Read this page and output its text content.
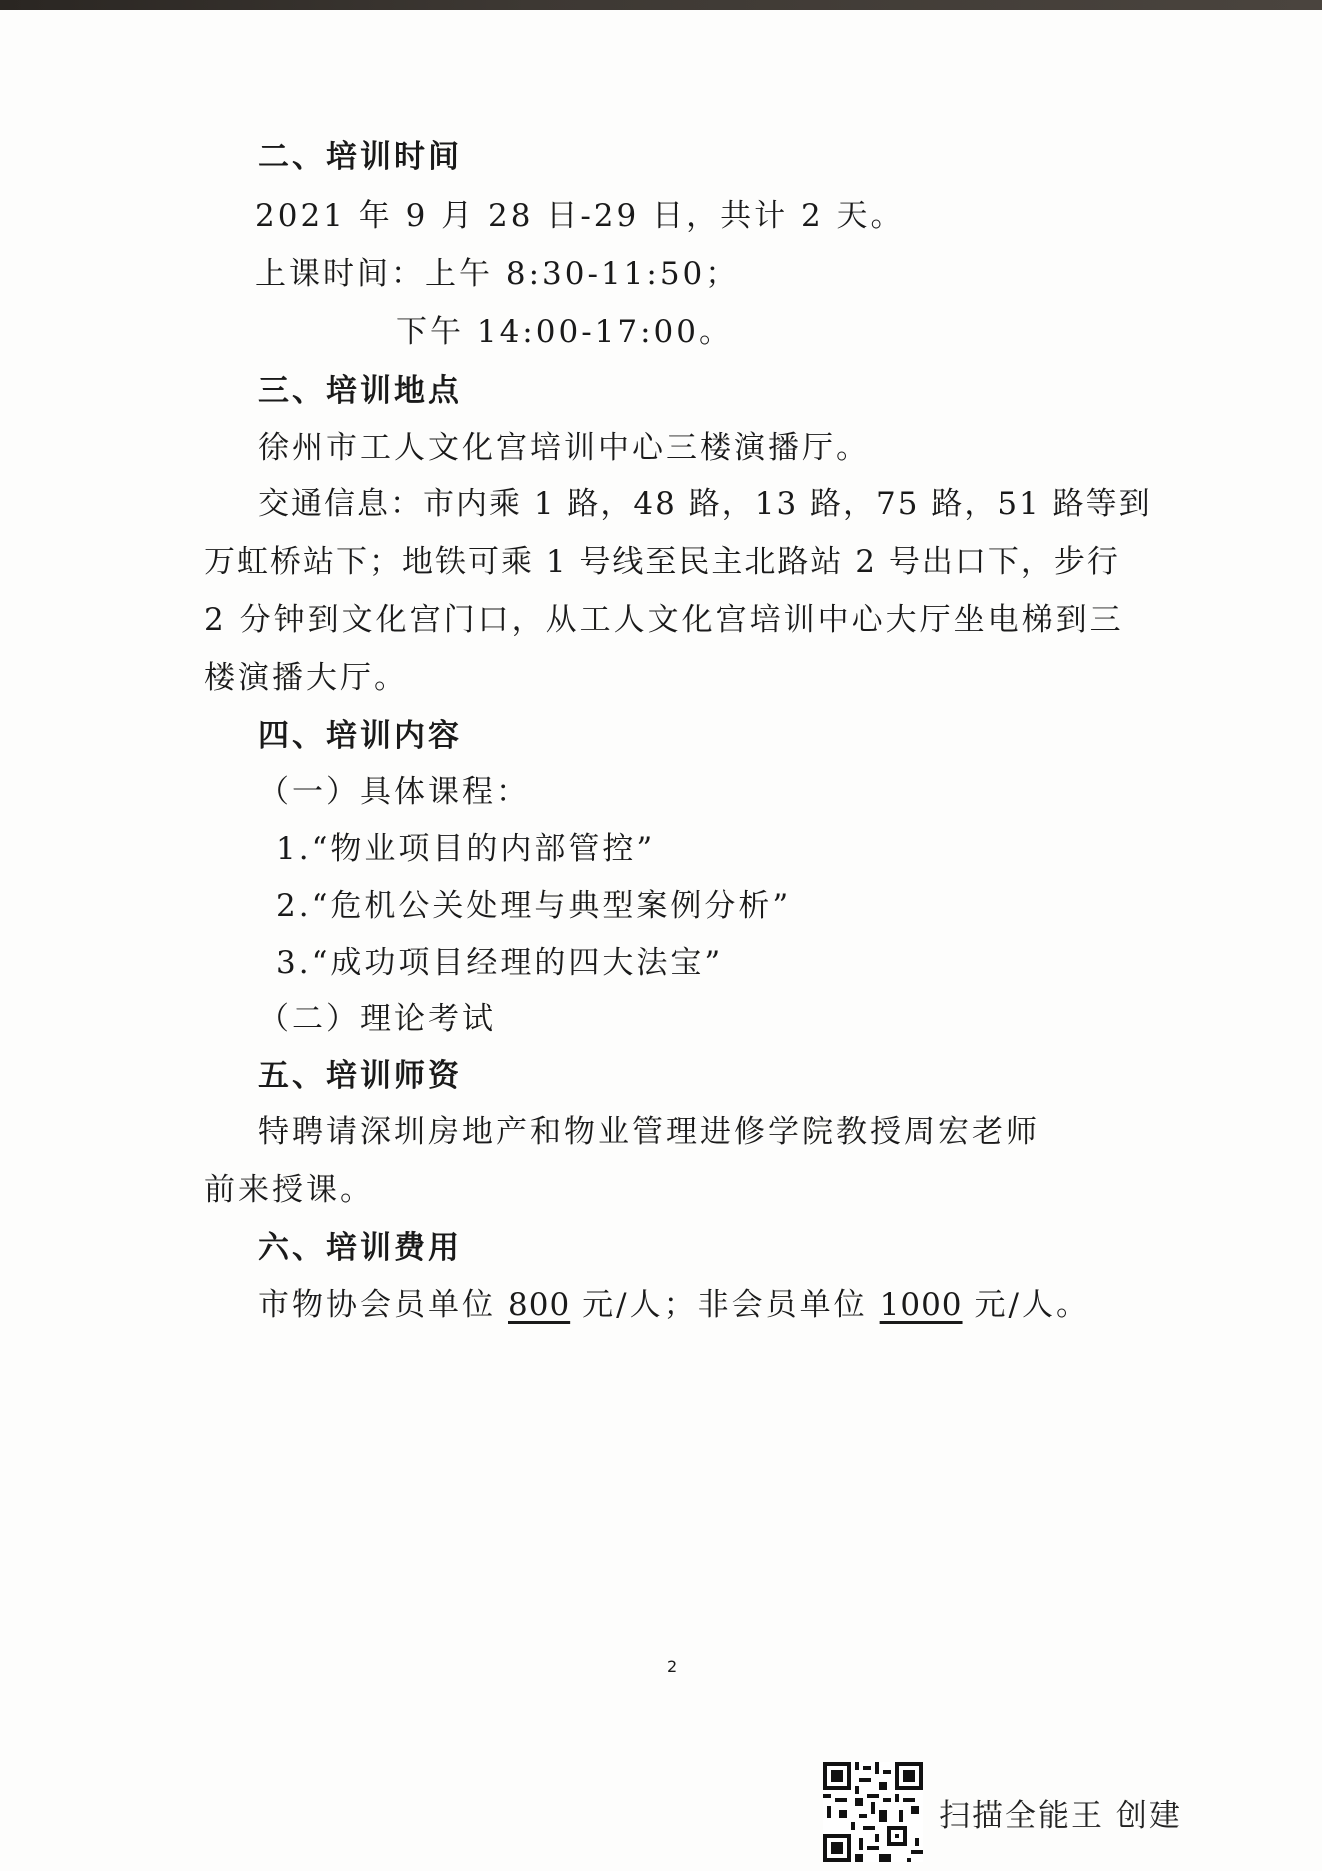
二、培训时间
2021 年 9 月 28 日-29 日，共计 2 天。
上课时间：上午 8:30-11:50；
下午 14:00-17:00。
三、培训地点
徐州市工人文化宫培训中心三楼演播厅。
交通信息：市内乘 1 路，48 路，13 路，75 路，51 路等到
万虹桥站下；地铁可乘 1 号线至民主北路站 2 号出口下，步行
2 分钟到文化宫门口，从工人文化宫培训中心大厅坐电梯到三
楼演播大厅。
四、培训内容
（一）具体课程：
1.“物业项目的内部管控”
2.“危机公关处理与典型案例分析”
3.“成功项目经理的四大法宝”
（二）理论考试
五、培训师资
特聘请深圳房地产和物业管理进修学院教授周宏老师
前来授课。
六、培训费用
市物协会员单位 800 元/人；非会员单位 1000 元/人。
2
扫描全能王 创建
